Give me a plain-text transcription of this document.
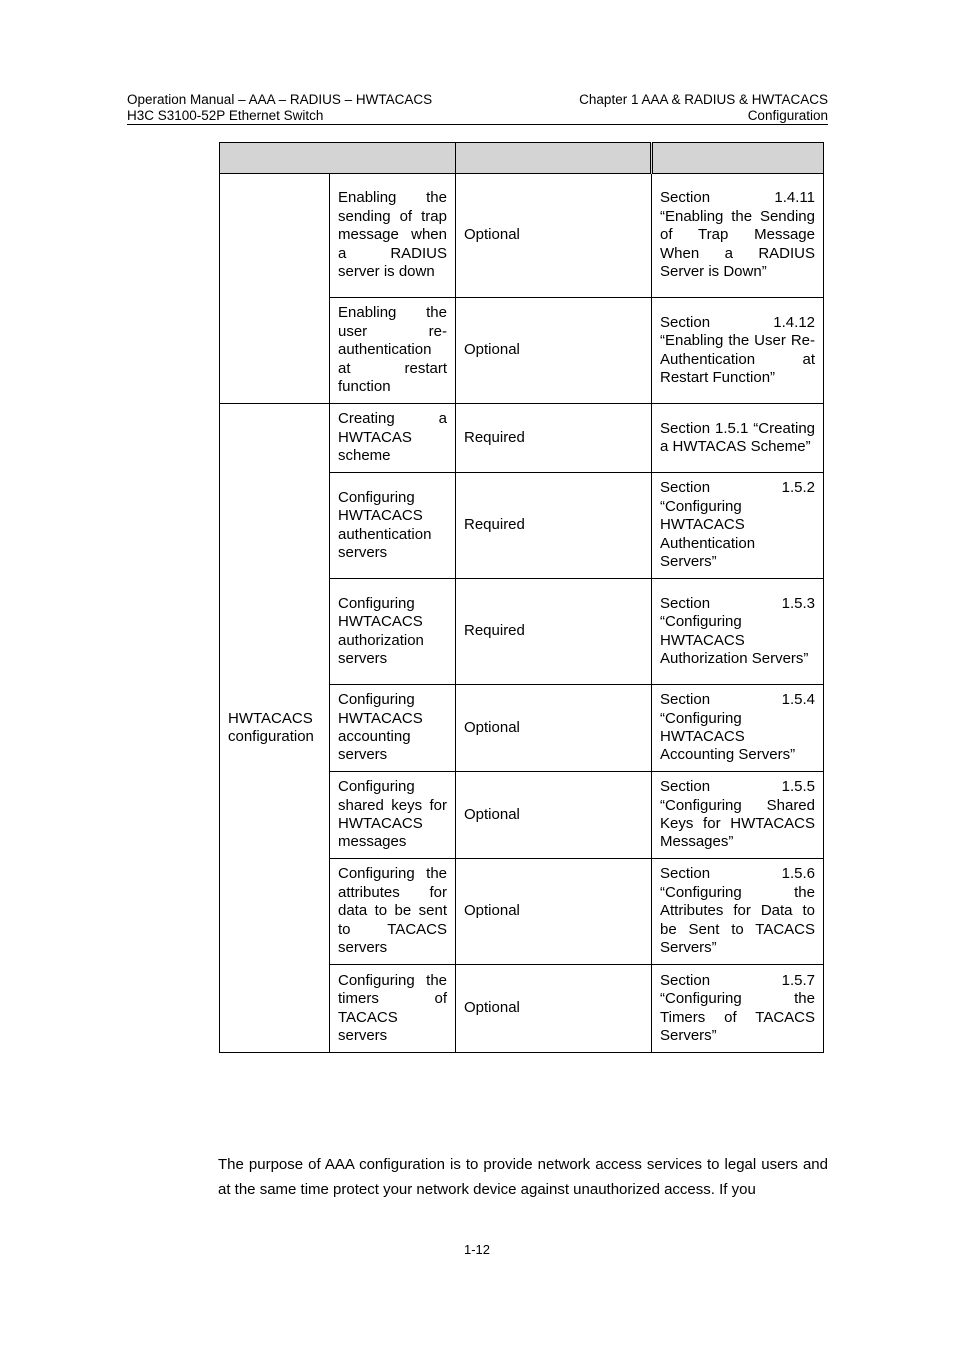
Operation Manual – AAA – RADIUS – HWTACACS
H3C S3100-52P Ethernet Switch
Chapter 1 AAA & RADIUS & HWTACACS
Configuration

	Enabling the sending of trap message when a RADIUS server is down	Optional	Section 1.4.11 “Enabling the Sending of Trap Message When a RADIUS Server is Down”
	Enabling the user re-authentication at restart function	Optional	Section 1.4.12 “Enabling the User Re-Authentication at Restart Function”
HWTACACS configuration	Creating a HWTACAS scheme	Required	Section 1.5.1 “Creating a HWTACAS Scheme”
	Configuring HWTACACS authentication servers	Required	Section 1.5.2 “Configuring HWTACACS Authentication Servers”
	Configuring HWTACACS authorization servers	Required	Section 1.5.3 “Configuring HWTACACS Authorization Servers”
	Configuring HWTACACS accounting servers	Optional	Section 1.5.4 “Configuring HWTACACS Accounting Servers”
	Configuring shared keys for HWTACACS messages	Optional	Section 1.5.5 “Configuring Shared Keys for HWTACACS Messages”
	Configuring the attributes for data to be sent to TACACS servers	Optional	Section 1.5.6 “Configuring the Attributes for Data to be Sent to TACACS Servers”
	Configuring the timers of TACACS servers	Optional	Section 1.5.7 “Configuring the Timers of TACACS Servers”

The purpose of AAA configuration is to provide network access services to legal users and at the same time protect your network device against unauthorized access. If you

1-12
